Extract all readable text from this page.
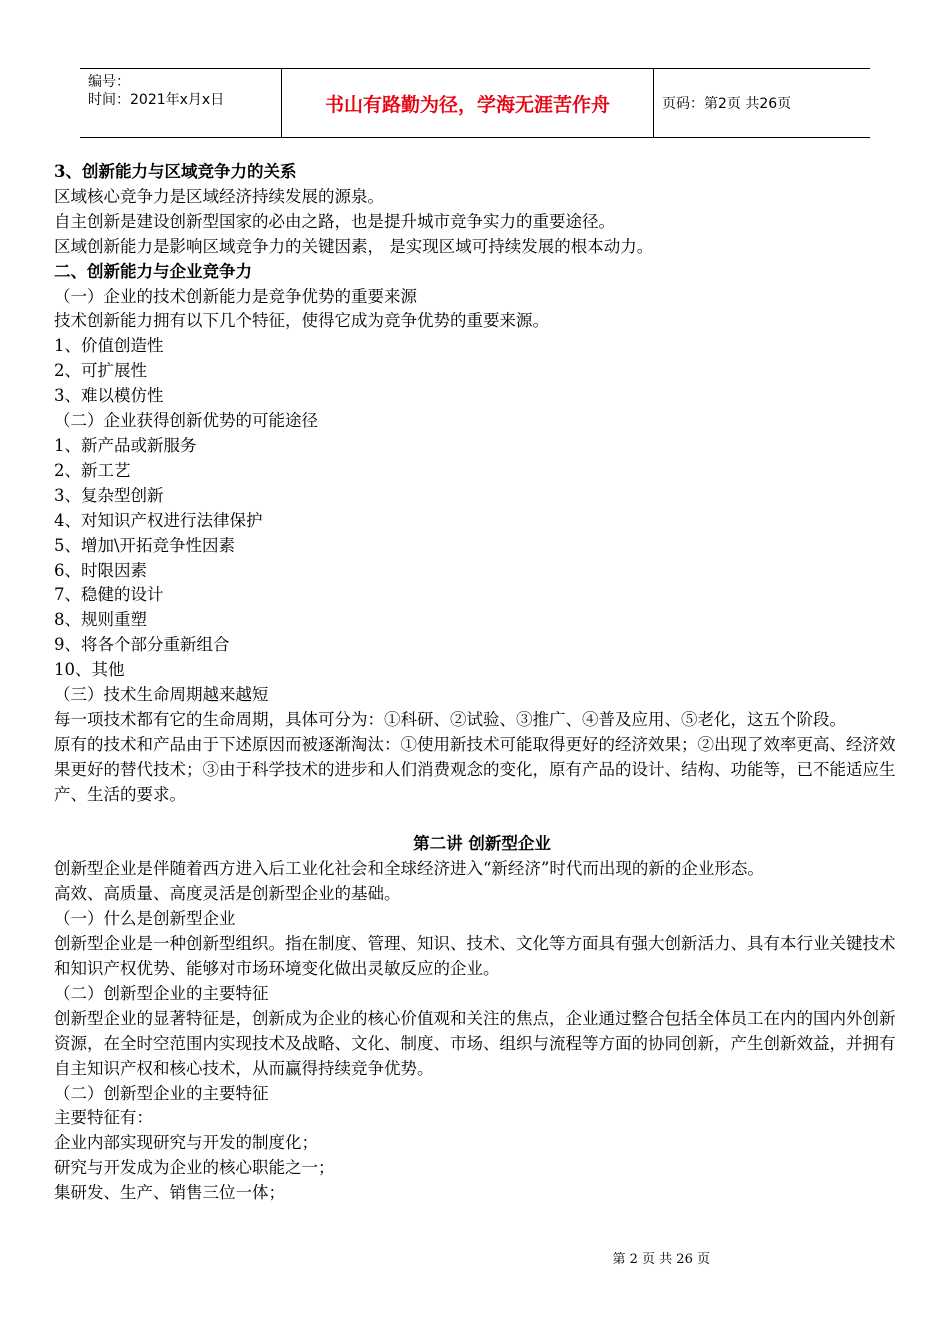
编号：
时间：2021年x月x日	书山有路勤为径，学海无涯苦作舟	页码：第2页 共26页

3、创新能力与区域竞争力的关系

区域核心竞争力是区域经济持续发展的源泉。

自主创新是建设创新型国家的必由之路，也是提升城市竞争实力的重要途径。

区域创新能力是影响区域竞争力的关键因素， 是实现区域可持续发展的根本动力。

二、创新能力与企业竞争力

（一）企业的技术创新能力是竞争优势的重要来源

技术创新能力拥有以下几个特征，使得它成为竞争优势的重要来源。

1、价值创造性

2、可扩展性

3、难以模仿性

（二）企业获得创新优势的可能途径

1、新产品或新服务

2、新工艺

3、复杂型创新

4、对知识产权进行法律保护

5、增加\开拓竞争性因素

6、时限因素

7、稳健的设计

8、规则重塑

9、将各个部分重新组合

10、其他

（三）技术生命周期越来越短

每一项技术都有它的生命周期，具体可分为：①科研、②试验、③推广、④普及应用、⑤老化，这五个阶段。

原有的技术和产品由于下述原因而被逐渐淘汰：①使用新技术可能取得更好的经济效果；②出现了效率更高、经济效果更好的替代技术；③由于科学技术的进步和人们消费观念的变化，原有产品的设计、结构、功能等，已不能适应生产、生活的要求。

第二讲 创新型企业

创新型企业是伴随着西方进入后工业化社会和全球经济进入“新经济”时代而出现的新的企业形态。

高效、高质量、高度灵活是创新型企业的基础。

（一）什么是创新型企业

创新型企业是一种创新型组织。指在制度、管理、知识、技术、文化等方面具有强大创新活力、具有本行业关键技术和知识产权优势、能够对市场环境变化做出灵敏反应的企业。

（二）创新型企业的主要特征

创新型企业的显著特征是，创新成为企业的核心价值观和关注的焦点，企业通过整合包括全体员工在内的国内外创新资源，在全时空范围内实现技术及战略、文化、制度、市场、组织与流程等方面的协同创新，产生创新效益，并拥有自主知识产权和核心技术，从而赢得持续竞争优势。

（二）创新型企业的主要特征

主要特征有：

企业内部实现研究与开发的制度化；

研究与开发成为企业的核心职能之一；

集研发、生产、销售三位一体；

第 2 页 共 26 页
